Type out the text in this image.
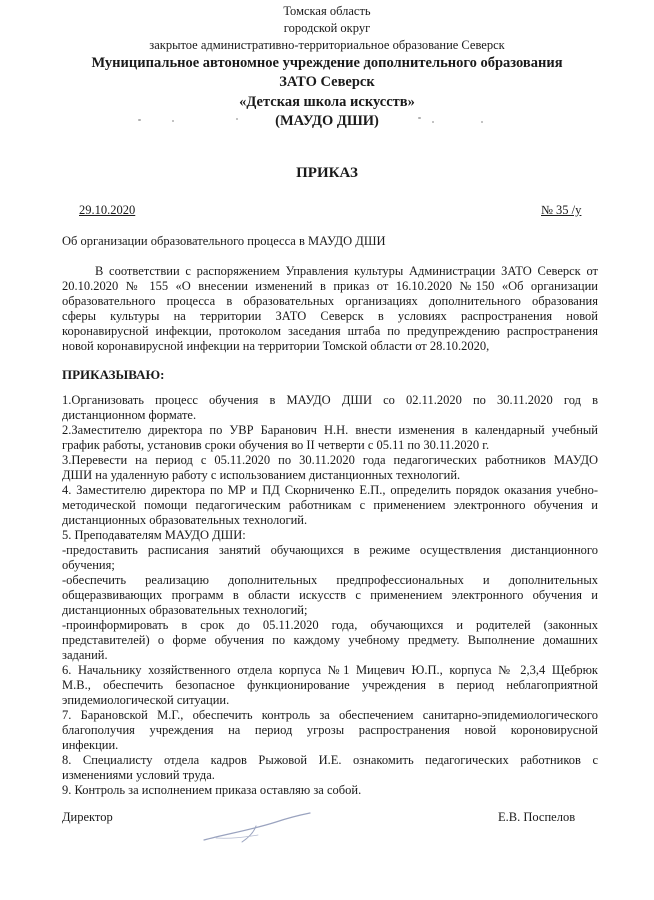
Томская область
городской округ
закрытое административно-территориальное образование Северск
Муниципальное автономное учреждение дополнительного образования
ЗАТО Северск
«Детская школа искусств»
(МАУДО ДШИ)
ПРИКАЗ
29.10.2020	№ 35 /у
Об организации образовательного процесса в МАУДО ДШИ
В соответствии с распоряжением Управления культуры Администрации ЗАТО Северск от
20.10.2020 № 155 «О внесении изменений в приказ от 16.10.2020 №150 «Об организации
образовательного процесса в образовательных организациях дополнительного образования
сферы культуры на территории ЗАТО Северск в условиях распространения новой
коронавирусной инфекции, протоколом заседания штаба по предупреждению распространения
новой коронавирусной инфекции на территории Томской области от 28.10.2020,
ПРИКАЗЫВАЮ:
1.Организовать процесс обучения в МАУДО ДШИ со 02.11.2020 по 30.11.2020 год в
дистанционном формате.
2.Заместителю директора по УВР Баранович Н.Н. внести изменения в календарный учебный
график работы, установив сроки обучения во II четверти с 05.11 по 30.11.2020 г.
3.Перевести на период с 05.11.2020 по 30.11.2020 года педагогических работников МАУДО
ДШИ на удаленную работу с использованием дистанционных технологий.
4. Заместителю директора по МР и ПД Скорниченко Е.П., определить порядок оказания учебно-
методической помощи педагогическим работникам с применением электронного обучения и
дистанционных образовательных технологий.
5. Преподавателям МАУДО ДШИ:
-предоставить расписания занятий обучающихся в режиме осуществления дистанционного
обучения;
-обеспечить реализацию дополнительных предпрофессиональных и дополнительных
общеразвивающих программ в области искусств с применением электронного обучения и
дистанционных образовательных технологий;
-проинформировать в срок до 05.11.2020 года, обучающихся и родителей (законных
представителей) о форме обучения по каждому учебному предмету. Выполнение домашних
заданий.
6. Начальнику хозяйственного отдела корпуса №1 Мицевич Ю.П., корпуса № 2,3,4 Щебрюк
М.В., обеспечить безопасное функционирование учреждения в период неблагоприятной
эпидемиологической ситуации.
7. Барановской М.Г., обеспечить контроль за обеспечением санитарно-эпидемиологического
благополучия учреждения на период угрозы распространения новой короновирусной
инфекции.
8. Специалисту отдела кадров Рыжовой И.Е. ознакомить педагогических работников с
изменениями условий труда.
9. Контроль за исполнением приказа оставляю за собой.
Директор	Е.В. Поспелов
